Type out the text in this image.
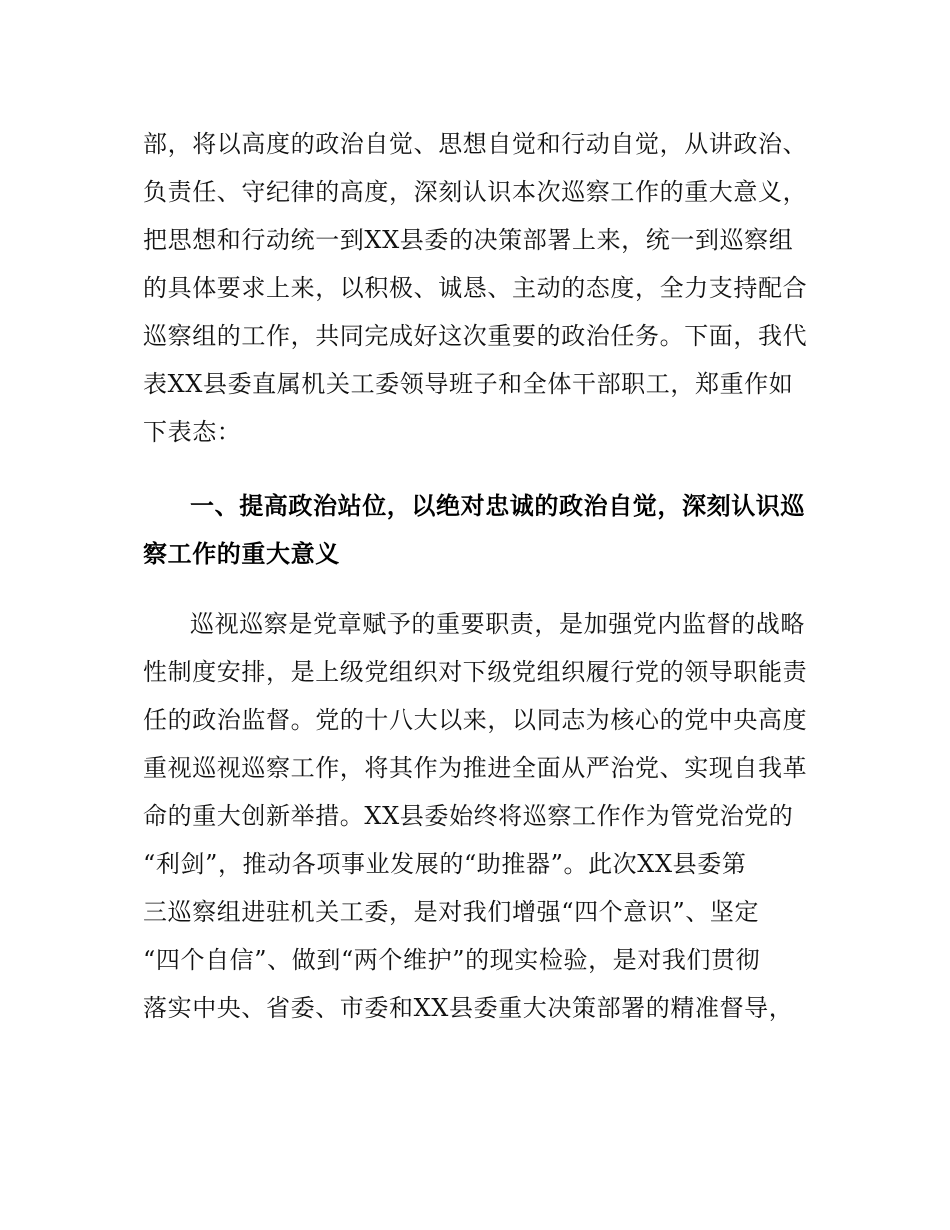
部，将以高度的政治自觉、思想自觉和行动自觉，从讲政治、
负责任、守纪律的高度，深刻认识本次巡察工作的重大意义，
把思想和行动统一到XX县委的决策部署上来，统一到巡察组
的具体要求上来，以积极、诚恳、主动的态度，全力支持配合
巡察组的工作，共同完成好这次重要的政治任务。下面，我代
表XX县委直属机关工委领导班子和全体干部职工，郑重作如
下表态：
一、提高政治站位，以绝对忠诚的政治自觉，深刻认识巡
察工作的重大意义
巡视巡察是党章赋予的重要职责，是加强党内监督的战略
性制度安排，是上级党组织对下级党组织履行党的领导职能责
任的政治监督。党的十八大以来，以同志为核心的党中央高度
重视巡视巡察工作，将其作为推进全面从严治党、实现自我革
命的重大创新举措。XX县委始终将巡察工作作为管党治党的
“利剑”，推动各项事业发展的“助推器”。此次XX县委第
三巡察组进驻机关工委，是对我们增强“四个意识”、坚定
“四个自信”、做到“两个维护”的现实检验，是对我们贯彻
落实中央、省委、市委和XX县委重大决策部署的精准督导，
